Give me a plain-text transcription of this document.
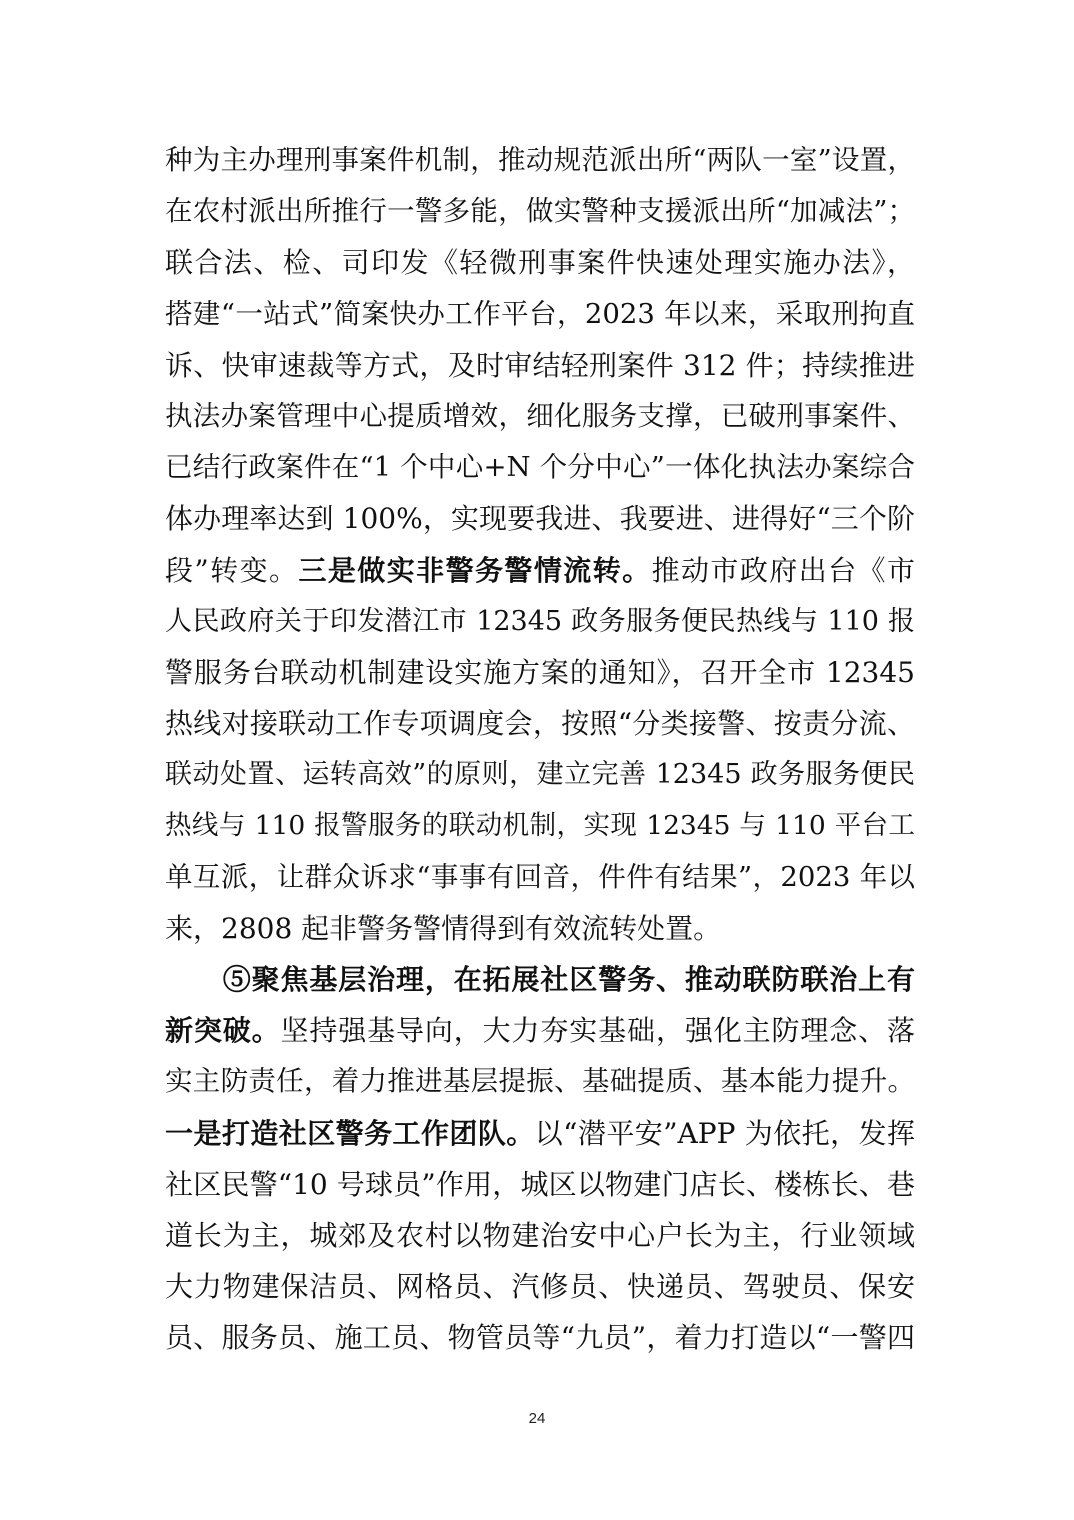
种为主办理刑事案件机制，推动规范派出所“两队一室”设置，
在农村派出所推行一警多能，做实警种支援派出所“加减法”；
联合法、检、司印发《轻微刑事案件快速处理实施办法》，
搭建“一站式”简案快办工作平台，2023 年以来，采取刑拘直
诉、快审速裁等方式，及时审结轻刑案件 312 件；持续推进
执法办案管理中心提质增效，细化服务支撑，已破刑事案件、
已结行政案件在“1 个中心+N 个分中心”一体化执法办案综合
体办理率达到 100%，实现要我进、我要进、进得好“三个阶
段”转变。三是做实非警务警情流转。推动市政府出台《市
人民政府关于印发潜江市 12345 政务服务便民热线与 110 报
警服务台联动机制建设实施方案的通知》，召开全市 12345
热线对接联动工作专项调度会，按照“分类接警、按责分流、
联动处置、运转高效”的原则，建立完善 12345 政务服务便民
热线与 110 报警服务的联动机制，实现 12345 与 110 平台工
单互派，让群众诉求“事事有回音，件件有结果”，2023 年以
来，2808 起非警务警情得到有效流转处置。
　　⑤聚焦基层治理，在拓展社区警务、推动联防联治上有
新突破。坚持强基导向，大力夯实基础，强化主防理念、落
实主防责任，着力推进基层提振、基础提质、基本能力提升。
一是打造社区警务工作团队。以“潜平安”APP 为依托，发挥
社区民警“10 号球员”作用，城区以物建门店长、楼栋长、巷
道长为主，城郊及农村以物建治安中心户长为主，行业领域
大力物建保洁员、网格员、汽修员、快递员、驾驶员、保安
员、服务员、施工员、物管员等“九员”，着力打造以“一警四
24
